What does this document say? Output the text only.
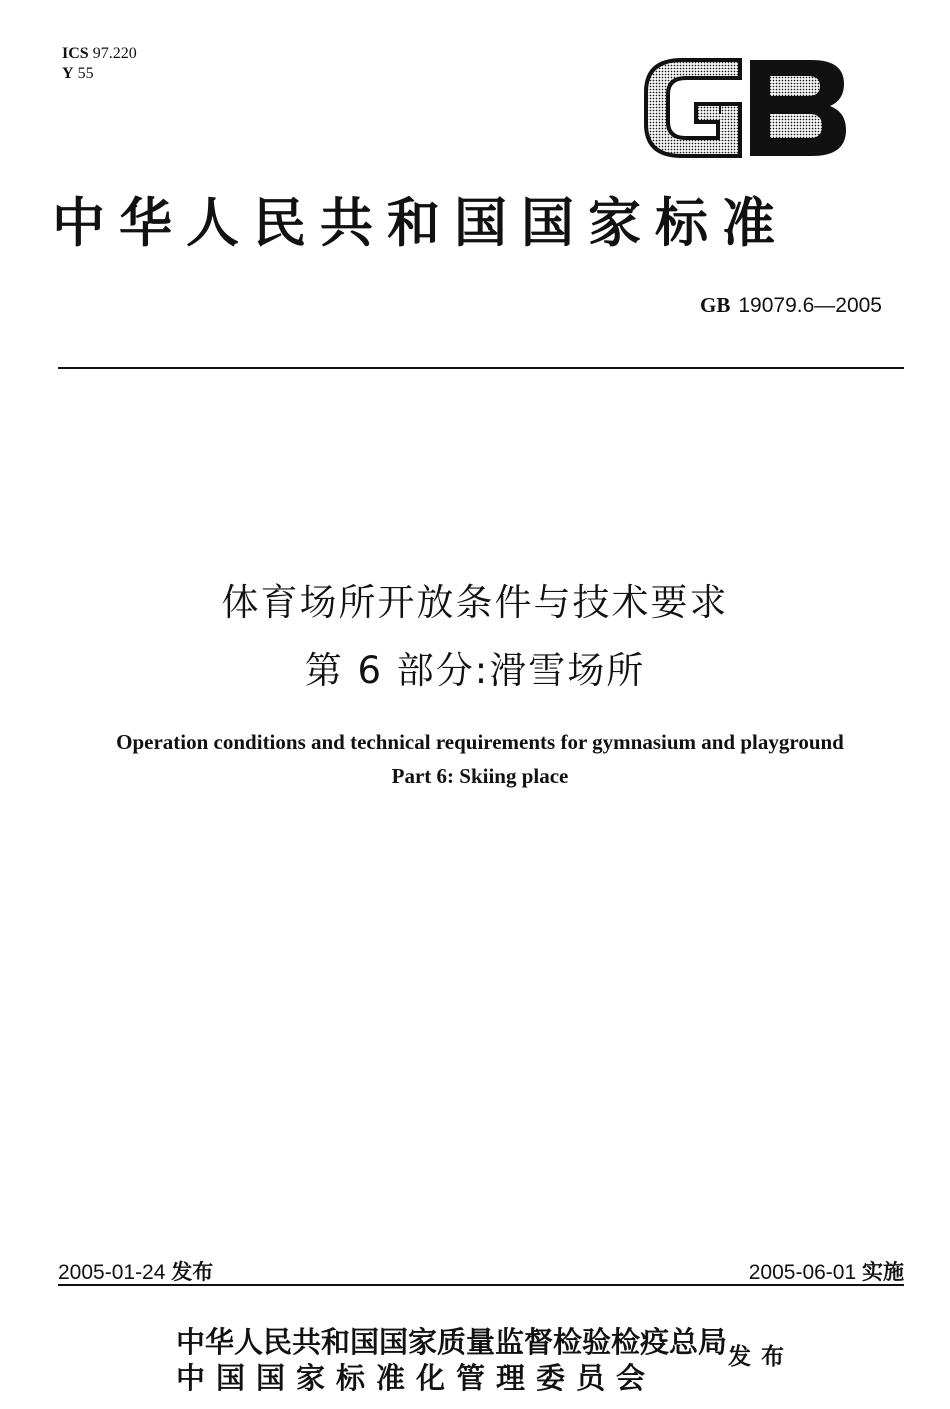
ICS 97.220
Y 55
GB
中华人民共和国国家标准
GB 19079.6—2005
体育场所开放条件与技术要求
第 6 部分:滑雪场所
Operation conditions and technical requirements for gymnasium and playground
Part 6: Skiing place
2005-01-24 发布	2005-06-01 实施
中华人民共和国国家质量监督检验检疫总局
中国国家标准化管理委员会
发布
